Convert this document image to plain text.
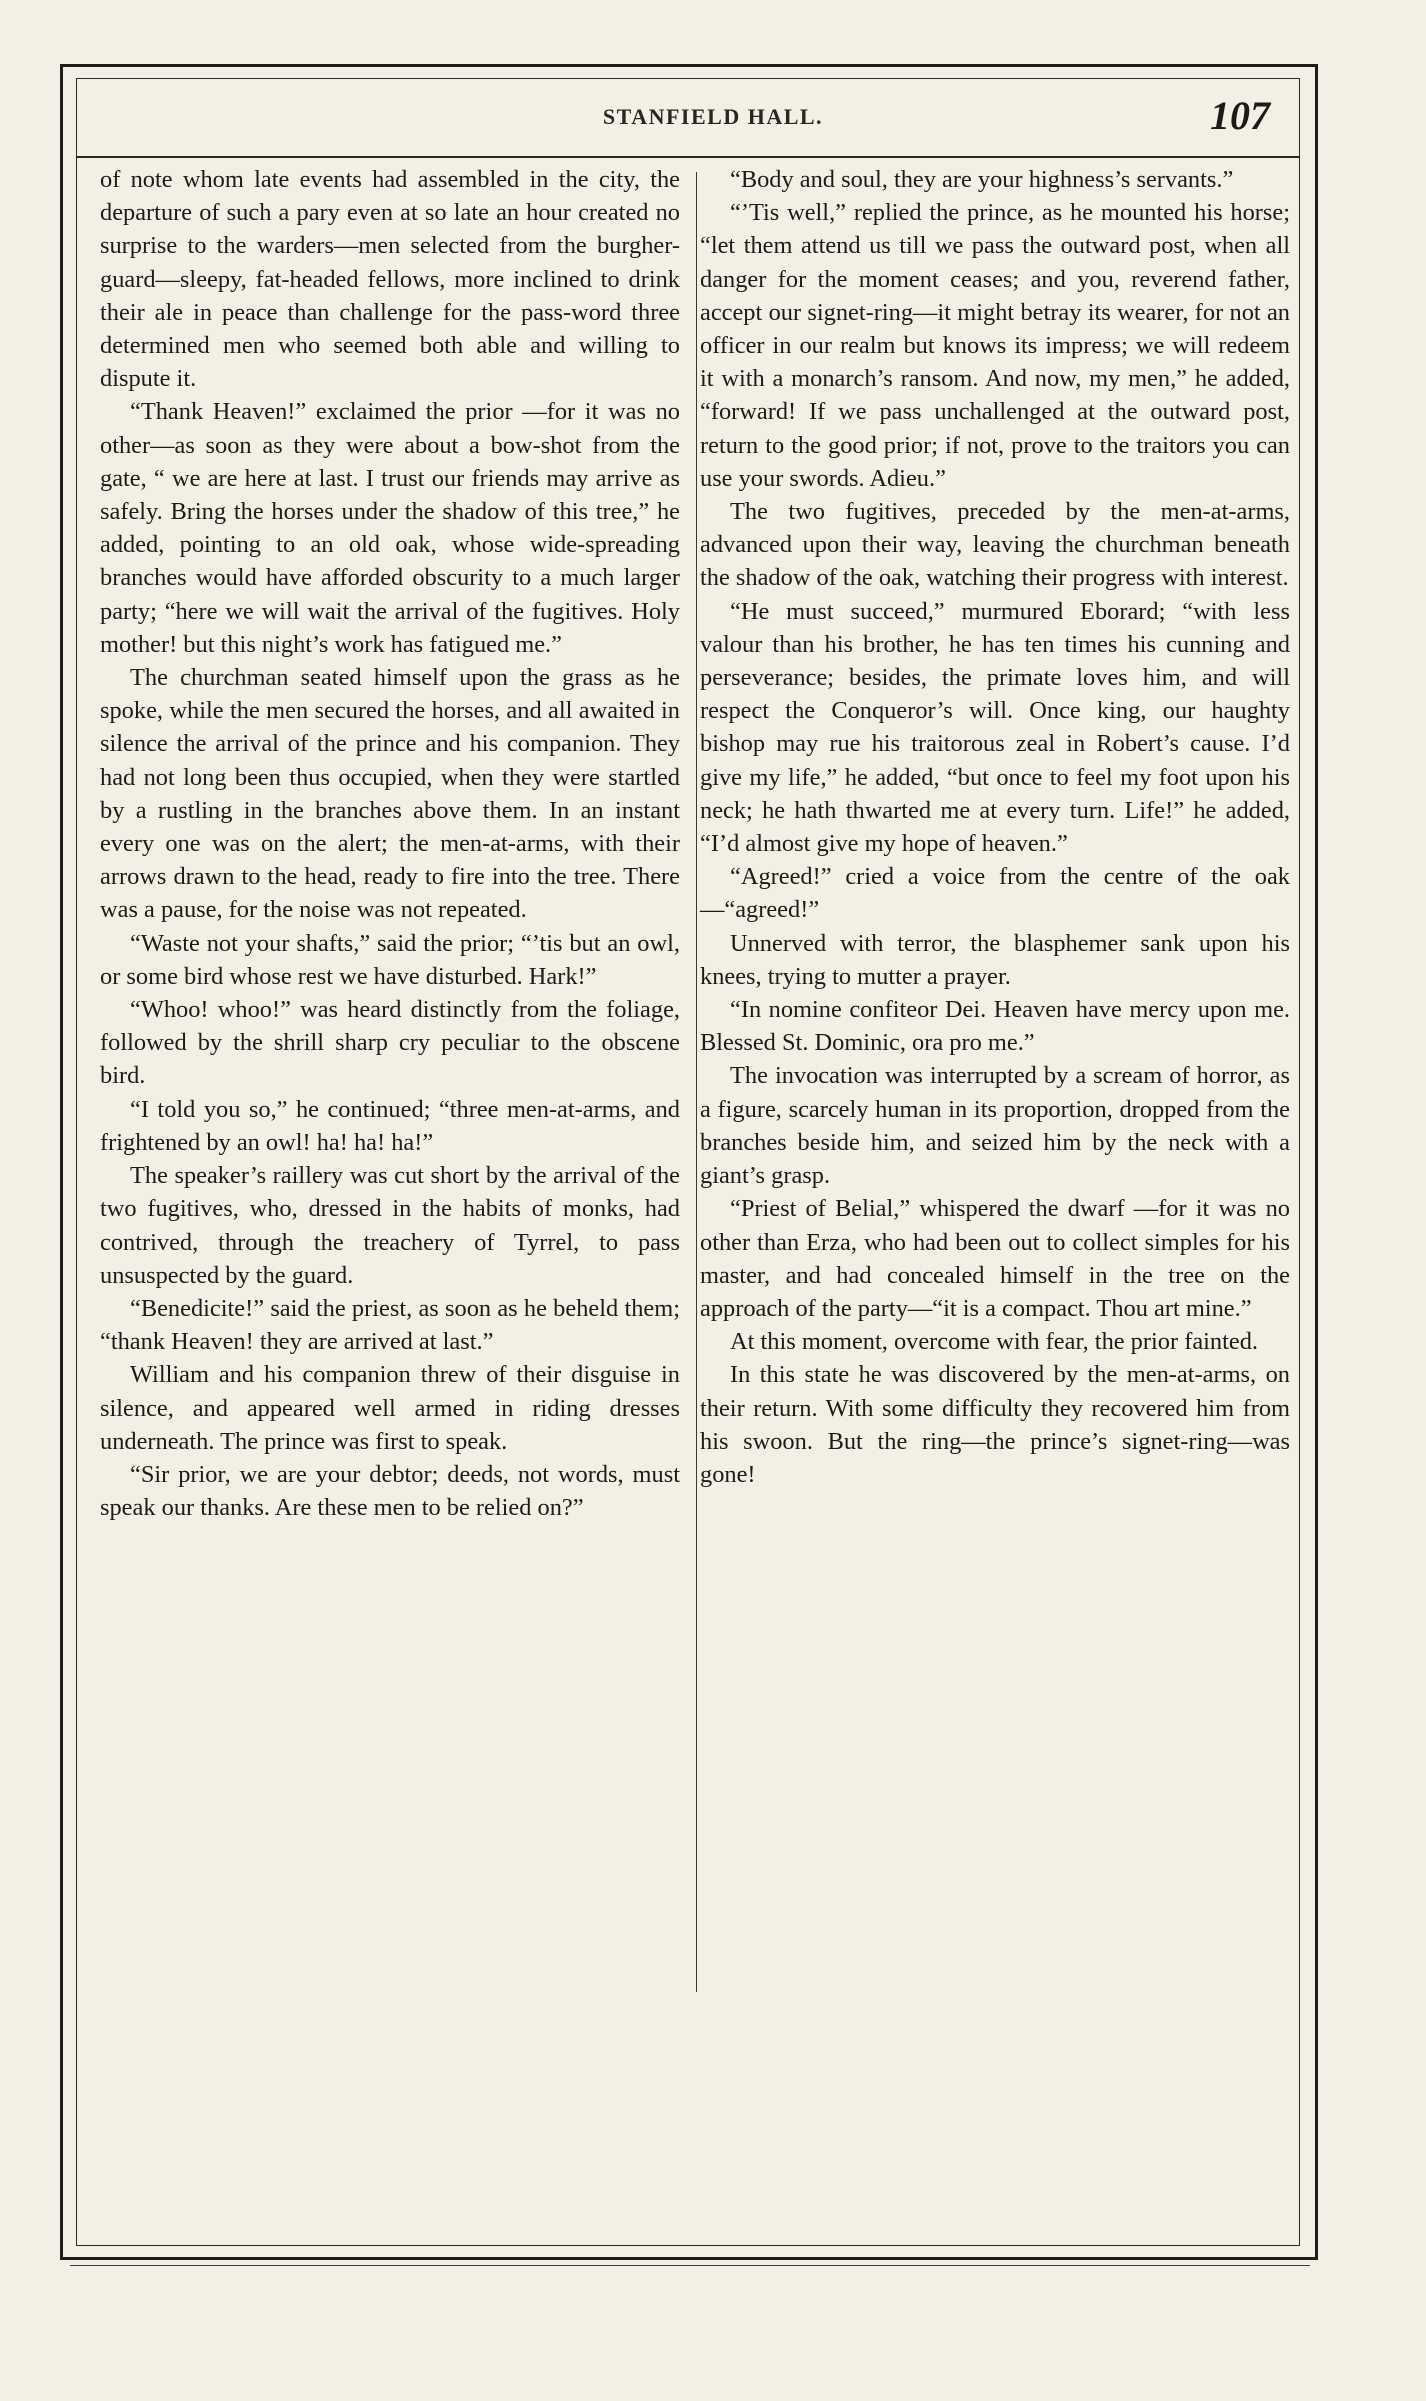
STANFIELD HALL.	107

of note whom late events had assembled in the city, the departure of such a pary even at so late an hour created no surprise to the warders—men selected from the burgher-guard—sleepy, fat-headed fellows, more inclined to drink their ale in peace than challenge for the pass-word three determined men who seemed both able and willing to dispute it.

“Thank Heaven!” exclaimed the prior —for it was no other—as soon as they were about a bow-shot from the gate, “ we are here at last. I trust our friends may arrive as safely. Bring the horses under the shadow of this tree,” he added, pointing to an old oak, whose wide-spreading branches would have afforded obscurity to a much larger party; “here we will wait the arrival of the fugitives. Holy mother! but this night’s work has fatigued me.”

The churchman seated himself upon the grass as he spoke, while the men secured the horses, and all awaited in silence the arrival of the prince and his companion. They had not long been thus occupied, when they were startled by a rustling in the branches above them. In an instant every one was on the alert; the men-at-arms, with their arrows drawn to the head, ready to fire into the tree. There was a pause, for the noise was not repeated.

“Waste not your shafts,” said the prior; “’tis but an owl, or some bird whose rest we have disturbed. Hark!”

“Whoo! whoo!” was heard distinctly from the foliage, followed by the shrill sharp cry peculiar to the obscene bird.

“I told you so,” he continued; “three men-at-arms, and frightened by an owl! ha! ha! ha!”

The speaker’s raillery was cut short by the arrival of the two fugitives, who, dressed in the habits of monks, had contrived, through the treachery of Tyrrel, to pass unsuspected by the guard.

“Benedicite!” said the priest, as soon as he beheld them; “thank Heaven! they are arrived at last.”

William and his companion threw of their disguise in silence, and appeared well armed in riding dresses underneath. The prince was first to speak.

“Sir prior, we are your debtor; deeds, not words, must speak our thanks. Are these men to be relied on?”

“Body and soul, they are your highness’s servants.”

“’Tis well,” replied the prince, as he mounted his horse; “let them attend us till we pass the outward post, when all danger for the moment ceases; and you, reverend father, accept our signet-ring—it might betray its wearer, for not an officer in our realm but knows its impress; we will redeem it with a monarch’s ransom. And now, my men,” he added, “forward! If we pass unchallenged at the outward post, return to the good prior; if not, prove to the traitors you can use your swords. Adieu.”

The two fugitives, preceded by the men-at-arms, advanced upon their way, leaving the churchman beneath the shadow of the oak, watching their progress with interest.

“He must succeed,” murmured Eborard; “with less valour than his brother, he has ten times his cunning and perseverance; besides, the primate loves him, and will respect the Conqueror’s will. Once king, our haughty bishop may rue his traitorous zeal in Robert’s cause. I’d give my life,” he added, “but once to feel my foot upon his neck; he hath thwarted me at every turn. Life!” he added, “I’d almost give my hope of heaven.”

“Agreed!” cried a voice from the centre of the oak—“agreed!”

Unnerved with terror, the blasphemer sank upon his knees, trying to mutter a prayer.

“In nomine confiteor Dei. Heaven have mercy upon me. Blessed St. Dominic, ora pro me.”

The invocation was interrupted by a scream of horror, as a figure, scarcely human in its proportion, dropped from the branches beside him, and seized him by the neck with a giant’s grasp.

“Priest of Belial,” whispered the dwarf —for it was no other than Erza, who had been out to collect simples for his master, and had concealed himself in the tree on the approach of the party—“it is a compact. Thou art mine.”

At this moment, overcome with fear, the prior fainted.

In this state he was discovered by the men-at-arms, on their return. With some difficulty they recovered him from his swoon. But the ring—the prince’s signet-ring—was gone!
